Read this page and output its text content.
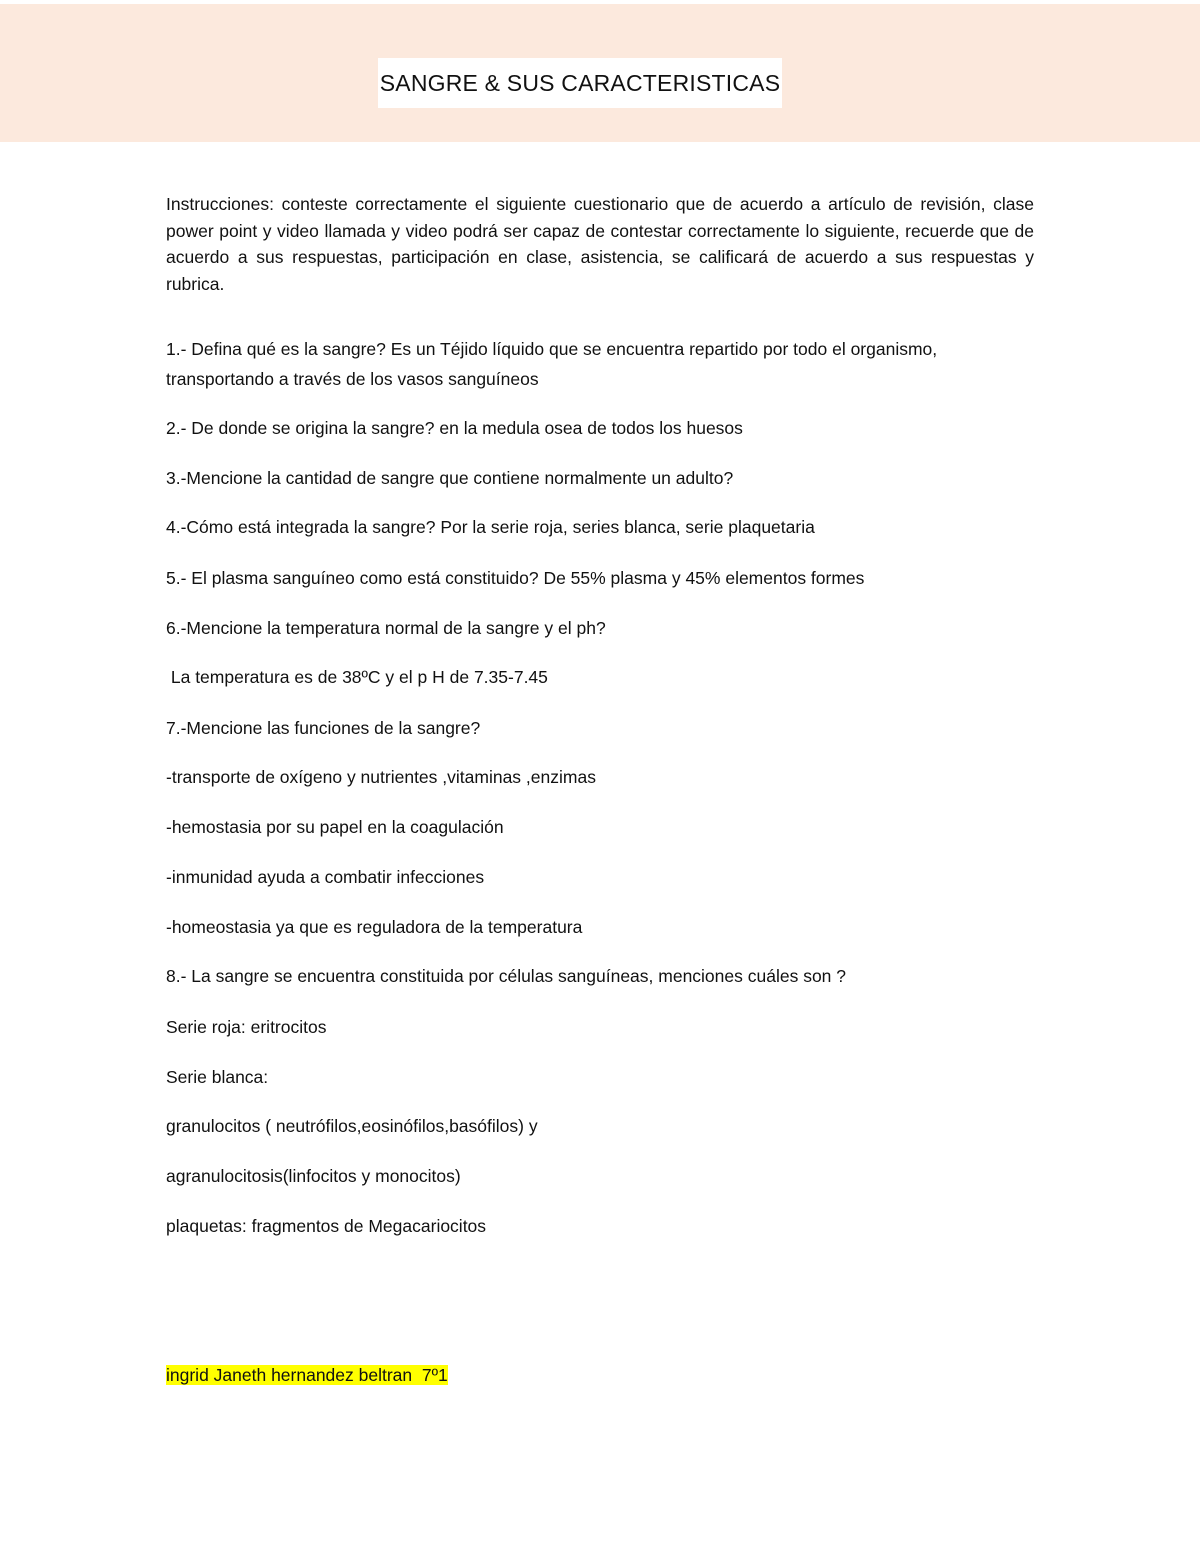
SANGRE & SUS CARACTERISTICAS
Instrucciones: conteste correctamente el siguiente cuestionario que de acuerdo a artículo de revisión, clase power point y video llamada y video podrá ser capaz de contestar correctamente lo siguiente, recuerde que de acuerdo a sus respuestas, participación en clase, asistencia, se calificará de acuerdo a sus respuestas y rubrica.
1.- Defina qué es la sangre? Es un Téjido líquido que se encuentra repartido por todo el organismo, transportando a través de los vasos sanguíneos
2.- De donde se origina la sangre? en la medula osea de todos los huesos
3.-Mencione la cantidad de sangre que contiene normalmente un adulto?
4.-Cómo está integrada la sangre? Por la serie roja, series blanca, serie plaquetaria
5.- El plasma sanguíneo como está constituido? De 55% plasma y 45% elementos formes
6.-Mencione la temperatura normal de la sangre y el ph?
La temperatura es de 38ºC y el p H de 7.35-7.45
7.-Mencione las funciones de la sangre?
-transporte de oxígeno y nutrientes ,vitaminas ,enzimas
-hemostasia por su papel en la coagulación
-inmunidad ayuda a combatir infecciones
-homeostasia ya que es reguladora de la temperatura
8.- La sangre se encuentra constituida por células sanguíneas, menciones cuáles son ?
Serie roja: eritrocitos
Serie blanca:
granulocitos ( neutrófilos,eosinófilos,basófilos) y
agranulocitosis(linfocitos y monocitos)
plaquetas: fragmentos de Megacariocitos
ingrid Janeth hernandez beltran  7º1
